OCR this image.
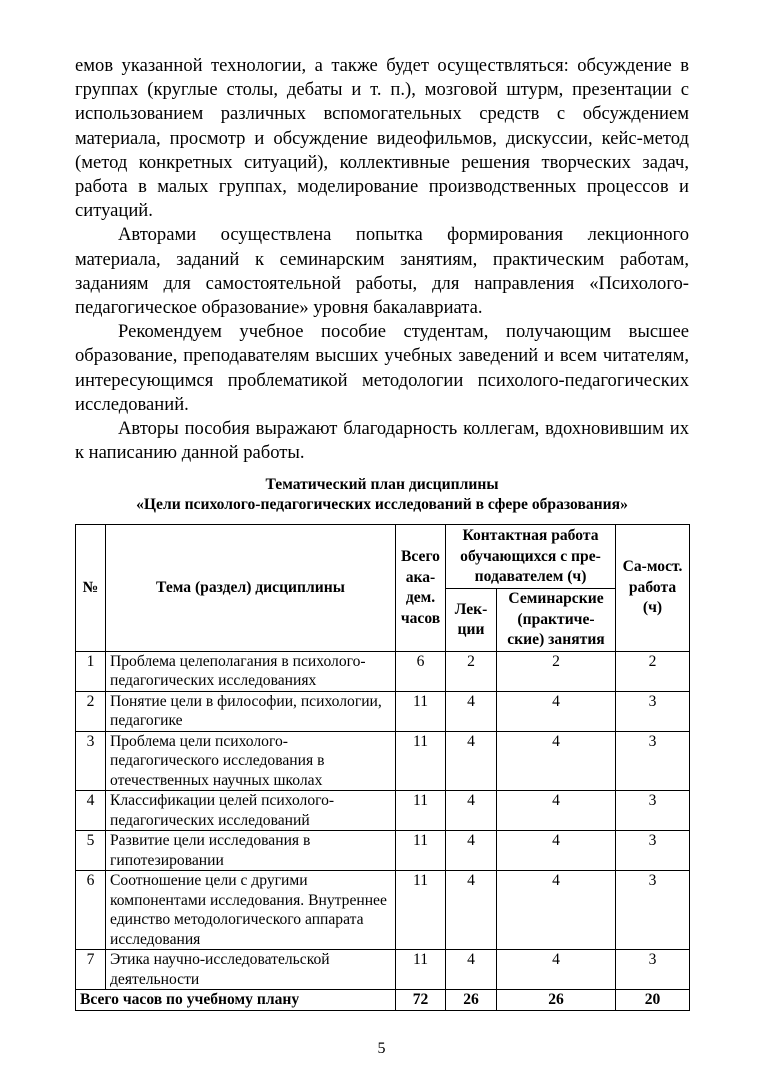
емов указанной технологии, а также будет осуществляться: обсуждение в группах (круглые столы, дебаты и т. п.), мозговой штурм, презентации с использованием различных вспомогательных средств с обсуждением материала, просмотр и обсуждение видеофильмов, дискуссии, кейс-метод (метод конкретных ситуаций), коллективные решения творческих задач, работа в малых группах, моделирование производственных процессов и ситуаций.

Авторами осуществлена попытка формирования лекционного материала, заданий к семинарским занятиям, практическим работам, заданиям для самостоятельной работы, для направления «Психолого-педагогическое образование» уровня бакалавриата.

Рекомендуем учебное пособие студентам, получающим высшее образование, преподавателям высших учебных заведений и всем читателям, интересующимся проблематикой методологии психолого-педагогических исследований.

Авторы пособия выражают благодарность коллегам, вдохновившим их к написанию данной работы.

Тематический план дисциплины
«Цели психолого-педагогических исследований в сфере образования»
№	Тема (раздел) дисциплины	Всего ака-дем. часов	Контактная работа обучающихся с пре-подавателем (ч)		Са-мост. работа (ч)
			Лек-ции	Семинарские (практиче-ские) занятия	
1	Проблема целеполагания в психолого-педагогических исследованиях	6	2	2	2
2	Понятие цели в философии, психологии, педагогике	11	4	4	3
3	Проблема цели психолого-педагогического исследования в отечественных научных школах	11	4	4	3
4	Классификации целей психолого-педагогических исследований	11	4	4	3
5	Развитие цели исследования в гипотезировании	11	4	4	3
6	Соотношение цели с другими компонентами исследования. Внутреннее единство методологического аппарата исследования	11	4	4	3
7	Этика научно-исследовательской деятельности	11	4	4	3
Всего часов по учебному плану		72	26	26	20
5
